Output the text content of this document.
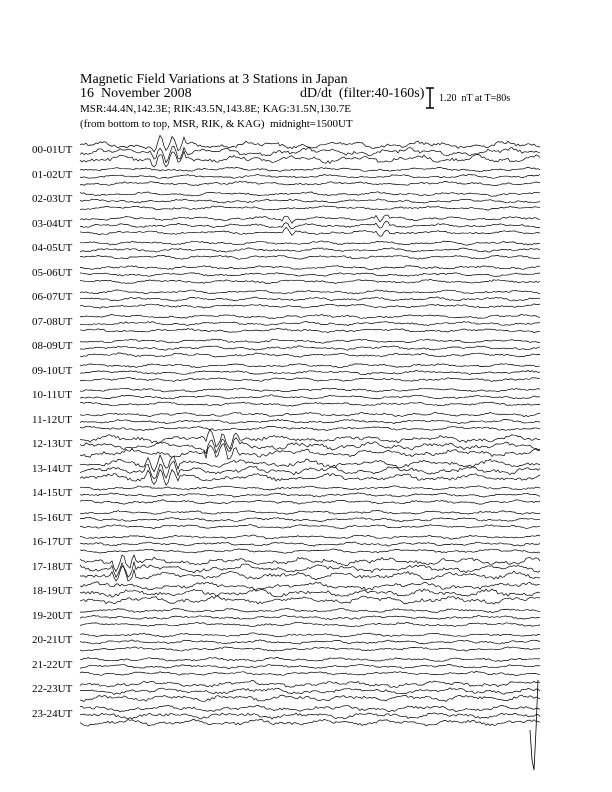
Magnetic Field Variations at 3 Stations in Japan
16  November 2008	dD/dt  (filter:40-160s)
MSR:44.4N,142.3E; RIK:43.5N,143.8E; KAG:31.5N,130.7E
(from bottom to top, MSR, RIK, & KAG)  midnight=1500UT
1.20  nT at T=80s
00-01UT
01-02UT
02-03UT
03-04UT
04-05UT
05-06UT
06-07UT
07-08UT
08-09UT
09-10UT
10-11UT
11-12UT
12-13UT
13-14UT
14-15UT
15-16UT
16-17UT
17-18UT
18-19UT
19-20UT
20-21UT
21-22UT
22-23UT
23-24UT
